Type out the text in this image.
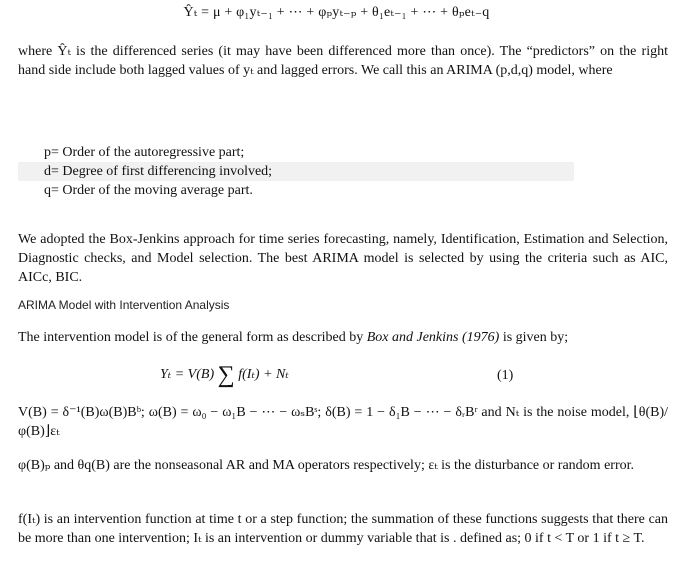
Ŷₜ = μ + φ₁yₜ₋₁ + ⋯ + φₚyₜ₋ₚ + θ₁eₜ₋₁ + ⋯ + θₚeₜ₋q
where Ŷₜ is the differenced series (it may have been differenced more than once). The “predictors” on the right hand side include both lagged values of yₜ and lagged errors. We call this an ARIMA (p,d,q) model, where
p= Order of the autoregressive part;
d= Degree of first differencing involved;
q= Order of the moving average part.
We adopted the Box-Jenkins approach for time series forecasting, namely, Identification, Estimation and Selection, Diagnostic checks, and Model selection. The best ARIMA model is selected by using the criteria such as AIC, AICc, BIC.
ARIMA Model with Intervention Analysis
The intervention model is of the general form as described by Box and Jenkins (1976) is given by;
Yₜ = V(B) ∑ f(Iₜ) + Nₜ	(1)
V(B) = δ⁻¹(B)ω(B)Bᵇ; ω(B) = ω₀ − ω₁B − ⋯ − ωₛBˢ; δ(B) = 1 − δ₁B − ⋯ − δᵣBʳ and Nₜ is the noise model, ⌊θ(B)/φ(B)⌋εₜ
φ(B)ₚ and θq(B) are the nonseasonal AR and MA operators respectively; εₜ is the disturbance or random error.
f(Iₜ) is an intervention function at time t or a step function; the summation of these functions suggests that there can be more than one intervention; Iₜ is an intervention or dummy variable that is . defined as; 0 if t < T or 1 if t ≥ T.
